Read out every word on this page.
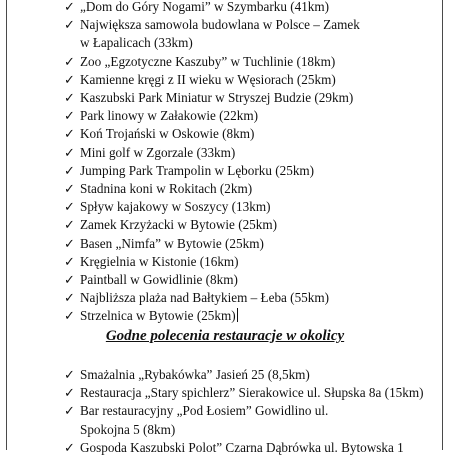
✓ „Dom do Góry Nogami” w Szymbarku (41km)
✓ Największa samowola budowlana w Polsce – Zamek w Łapalicach (33km)
✓ Zoo „Egzotyczne Kaszuby” w Tuchlinie (18km)
✓ Kamienne kręgi z II wieku w Węsiorach (25km)
✓ Kaszubski Park Miniatur w Stryszej Budzie (29km)
✓ Park linowy w Załakowie (22km)
✓ Koń Trojański w Oskowie (8km)
✓ Mini golf w Zgorzale (33km)
✓ Jumping Park Trampolin w Lęborku (25km)
✓ Stadnina koni w Rokitach (2km)
✓ Spływ kajakowy w Soszycy (13km)
✓ Zamek Krzyżacki w Bytowie (25km)
✓ Basen „Nimfa” w Bytowie (25km)
✓ Kręgielnia w Kistonie (16km)
✓ Paintball w Gowidlinie (8km)
✓ Najbliższa plaża nad Bałtykiem – Łeba (55km)
✓ Strzelnica w Bytowie (25km)
Godne polecenia restauracje w okolicy
✓ Smażalnia „Rybakówka” Jasień 25 (8,5km)
✓ Restauracja „Stary spichlerz” Sierakowice ul. Słupska 8a (15km)
✓ Bar restauracyjny „Pod Łosiem” Gowidlino ul. Spokojna 5 (8km)
✓ Gospoda Kaszubski Polot” Czarna Dąbrówka ul. Bytowska 1
